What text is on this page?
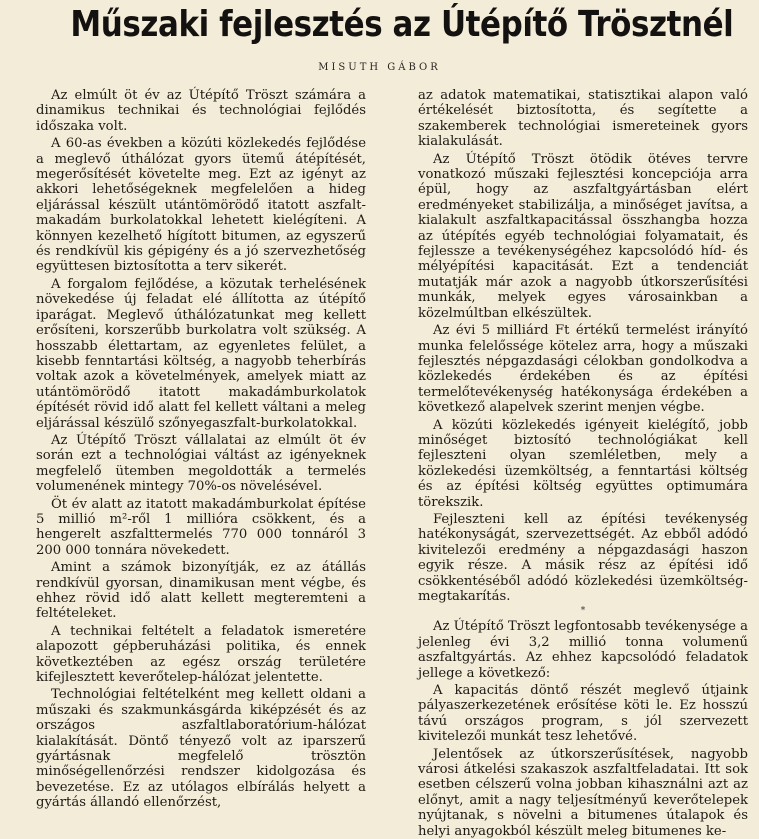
Műszaki fejlesztés az Útépítő Trösztnél
MISUTH GÁBOR

Az elmúlt öt év az Útépítő Tröszt számára a dinamikus technikai és technológiai fejlődés időszaka volt.

A 60-as években a közúti közlekedés fejlődése a meglevő úthálózat gyors ütemű átépítését, megerősítését követelte meg. Ezt az igényt az akkori lehetőségeknek megfelelően a hideg eljárással készült utántömörödő itatott aszfalt-makadám burkolatokkal lehetett kielégíteni. A könnyen kezelhető hígított bitumen, az egyszerű és rendkívül kis gépigény és a jó szervezhetőség együttesen biztosította a terv sikerét.

A forgalom fejlődése, a közutak terhelésének növekedése új feladat elé állította az útépítő iparágat. Meglevő úthálózatunkat meg kellett erősíteni, korszerűbb burkolatra volt szükség. A hosszabb élettartam, az egyenletes felület, a kisebb fenntartási költség, a nagyobb teherbírás voltak azok a követelmények, amelyek miatt az utántömörödő itatott makadámburkolatok építését rövid idő alatt fel kellett váltani a meleg eljárással készülő szőnyegaszfalt-burkolatokkal.

Az Útépítő Tröszt vállalatai az elmúlt öt év során ezt a technológiai váltást az igényeknek megfelelő ütemben megoldották a termelés volumenének mintegy 70%-os növelésével.

Öt év alatt az itatott makadámburkolat építése 5 millió m²-ről 1 millióra csökkent, és a hengerelt aszfalttermelés 770 000 tonnáról 3 200 000 tonnára növekedett.

Amint a számok bizonyítják, ez az átállás rendkívül gyorsan, dinamikusan ment végbe, és ehhez rövid idő alatt kellett megteremteni a feltételeket.

A technikai feltételt a feladatok ismeretére alapozott gépberuházási politika, és ennek következtében az egész ország területére kifejlesztett keverőtelep-hálózat jelentette.

Technológiai feltételként meg kellett oldani a műszaki és szakmunkásgárda kiképzését és az országos aszfaltlaboratórium-hálózat kialakítását. Döntő tényező volt az iparszerű gyártásnak megfelelő trösztön minőségellenőrzési rendszer kidolgozása és bevezetése. Ez az utólagos elbírálás helyett a gyártás állandó ellenőrzést,

az adatok matematikai, statisztikai alapon való értékelését biztosította, és segítette a szakemberek technológiai ismereteinek gyors kialakulását.

Az Útépítő Tröszt ötödik ötéves tervre vonatkozó műszaki fejlesztési koncepciója arra épül, hogy az aszfaltgyártásban elért eredményeket stabilizálja, a minőséget javítsa, a kialakult aszfaltkapacitással összhangba hozza az útépítés egyéb technológiai folyamatait, és fejlessze a tevékenységéhez kapcsolódó híd- és mélyépítési kapacitását. Ezt a tendenciát mutatják már azok a nagyobb útkorszerűsítési munkák, melyek egyes városainkban a közelmúltban elkészültek.

Az évi 5 milliárd Ft értékű termelést irányító munka felelőssége kötelez arra, hogy a műszaki fejlesztés népgazdasági célokban gondolkodva a közlekedés érdekében és az építési termelőtevékenység hatékonysága érdekében a következő alapelvek szerint menjen végbe.

A közúti közlekedés igényeit kielégítő, jobb minőséget biztosító technológiákat kell fejleszteni olyan szemléletben, mely a közlekedési üzemköltség, a fenntartási költség és az építési költség együttes optimumára törekszik.

Fejleszteni kell az építési tevékenység hatékonyságát, szervezettségét. Az ebből adódó kivitelezői eredmény a népgazdasági haszon egyik része. A másik rész az építési idő csökkentéséből adódó közlekedési üzemköltség-megtakarítás.

*

Az Útépítő Tröszt legfontosabb tevékenysége a jelenleg évi 3,2 millió tonna volumenű aszfaltgyártás. Az ehhez kapcsolódó feladatok jellege a következő:

A kapacitás döntő részét meglevő útjaink pályaszerkezetének erősítése köti le. Ez hosszú távú országos program, s jól szervezett kivitelezői munkát tesz lehetővé.

Jelentősek az útkorszerűsítések, nagyobb városi átkelési szakaszok aszfaltfeladatai. Itt sok esetben célszerű volna jobban kihasználni azt az előnyt, amit a nagy teljesítményű keverőtelepek nyújtanak, s növelni a bitumenes útalapok és helyi anyagokból készült meleg bitumenes ke-
